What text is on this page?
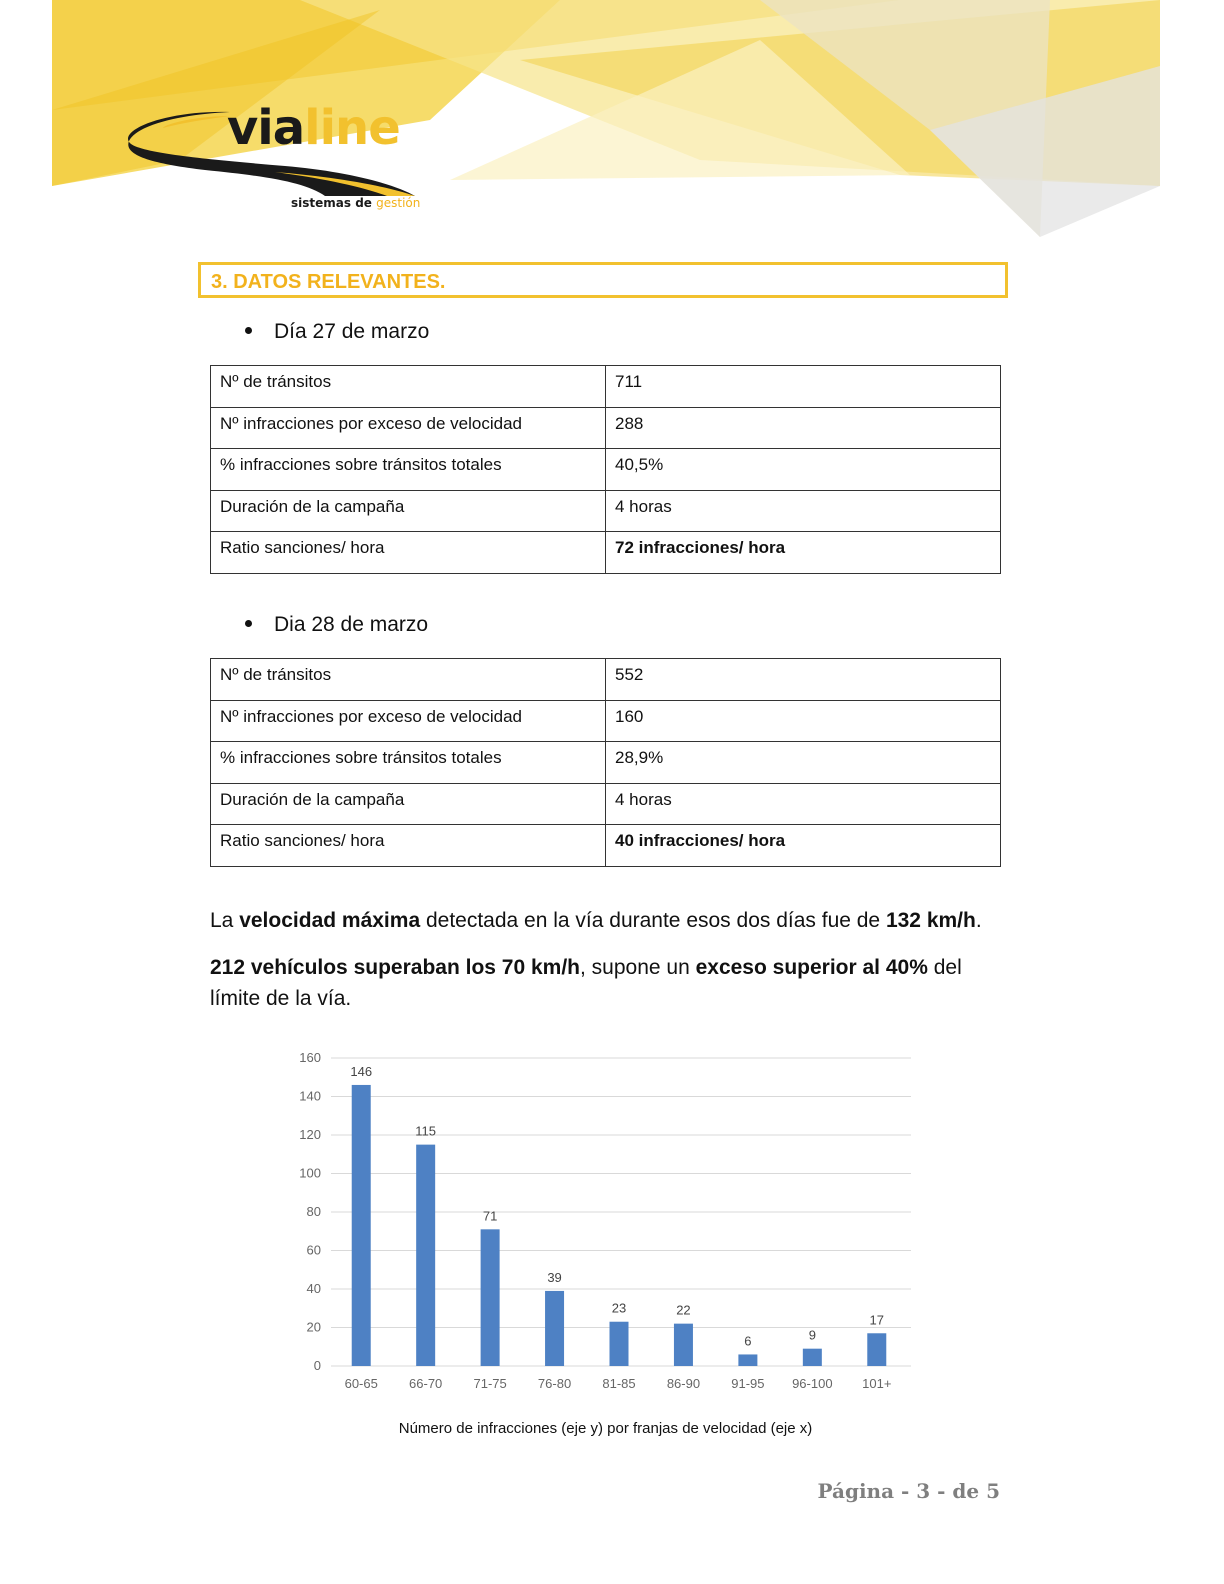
vialine
sistemas de gestión
3. DATOS RELEVANTES.
Día 27 de marzo
Nº de tránsitos	711
Nº infracciones por exceso de velocidad	288
% infracciones sobre tránsitos totales	40,5%
Duración de la campaña	4 horas
Ratio sanciones/ hora	72 infracciones/ hora
Dia 28 de marzo
Nº de tránsitos	552
Nº infracciones por exceso de velocidad	160
% infracciones sobre tránsitos totales	28,9%
Duración de la campaña	4 horas
Ratio sanciones/ hora	40 infracciones/ hora

La velocidad máxima detectada en la vía durante esos dos días fue de 132 km/h.

212 vehículos superaban los 70 km/h, supone un exceso superior al 40% del límite de la vía.

0
20
40
60
80
100
120
140
160
146
60-65
115
66-70
71
71-75
39
76-80
23
81-85
22
86-90
6
91-95
9
96-100
17
101+
Número de infracciones (eje y) por franjas de velocidad (eje x)
Página - 3 - de 5
